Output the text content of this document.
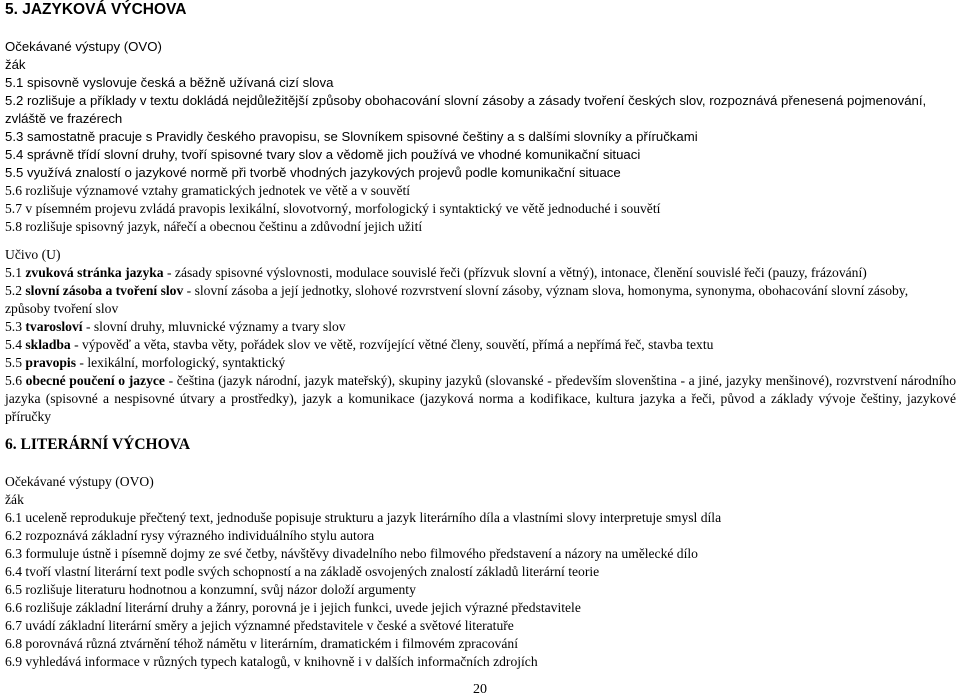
5. JAZYKOVÁ VÝCHOVA
Očekávané výstupy (OVO)
žák
5.1 spisovně vyslovuje česká a běžně užívaná cizí slova
5.2 rozlišuje a příklady v textu dokládá nejdůležitější způsoby obohacování slovní zásoby a zásady tvoření českých slov, rozpoznává přenesená pojmenování, zvláště ve frazérech
5.3 samostatně pracuje s Pravidly českého pravopisu, se Slovníkem spisovné češtiny a s dalšími slovníky a příručkami
5.4 správně třídí slovní druhy, tvoří spisovné tvary slov a vědomě jich používá ve vhodné komunikační situaci
5.5 využívá znalostí o jazykové normě při tvorbě vhodných jazykových projevů podle komunikační situace
5.6 rozlišuje významové vztahy gramatických jednotek ve větě a v souvětí
5.7 v písemném projevu zvládá pravopis lexikální, slovotvorný, morfologický i syntaktický ve větě jednoduché i souvětí
5.8 rozlišuje spisovný jazyk, nářečí a obecnou češtinu a zdůvodní jejich užití
Učivo (U)
5.1 zvuková stránka jazyka - zásady spisovné výslovnosti, modulace souvislé řeči (přízvuk slovní a větný), intonace, členění souvislé řeči (pauzy, frázování)
5.2 slovní zásoba a tvoření slov - slovní zásoba a její jednotky, slohové rozvrstvení slovní zásoby, význam slova, homonyma, synonyma, obohacování slovní zásoby, způsoby tvoření slov
5.3 tvarosloví - slovní druhy, mluvnické významy a tvary slov
5.4 skladba - výpověď a věta, stavba věty, pořádek slov ve větě, rozvíjející větné členy, souvětí, přímá a nepřímá řeč, stavba textu
5.5 pravopis - lexikální, morfologický, syntaktický
5.6 obecné poučení o jazyce - čeština (jazyk národní, jazyk mateřský), skupiny jazyků (slovanské - především slovenština - a jiné, jazyky menšinové), rozvrstvení národního jazyka (spisovné a nespisovné útvary a prostředky), jazyk a komunikace (jazyková norma a kodifikace, kultura jazyka a řeči, původ a základy vývoje češtiny, jazykové příručky
6. LITERÁRNÍ VÝCHOVA
Očekávané výstupy (OVO)
žák
6.1 uceleně reprodukuje přečtený text, jednoduše popisuje strukturu a jazyk literárního díla a vlastními slovy interpretuje smysl díla
6.2 rozpoznává základní rysy výrazného individuálního stylu autora
6.3 formuluje ústně i písemně dojmy ze své četby, návštěvy divadelního nebo filmového představení a názory na umělecké dílo
6.4 tvoří vlastní literární text podle svých schopností a na základě osvojených znalostí základů literární teorie
6.5 rozlišuje literaturu hodnotnou a konzumní, svůj názor doloží argumenty
6.6 rozlišuje základní literární druhy a žánry, porovná je i jejich funkci, uvede jejich výrazné představitele
6.7 uvádí základní literární směry a jejich významné představitele v české a světové literatuře
6.8 porovnává různá ztvárnění téhož námětu v literárním, dramatickém i filmovém zpracování
6.9 vyhledává informace v různých typech katalogů, v knihovně i v dalších informačních zdrojích
20
